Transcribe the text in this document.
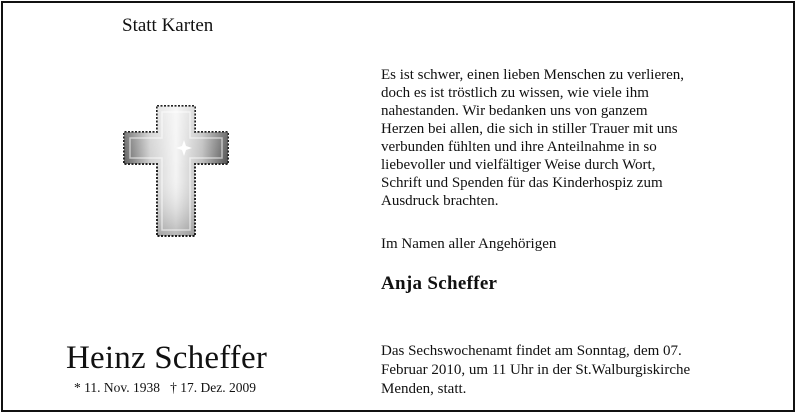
Statt Karten
Heinz Scheffer
* 11. Nov. 1938   † 17. Dez. 2009
Es ist schwer, einen lieben Menschen zu verlieren,
doch es ist tröstlich zu wissen, wie viele ihm
nahestanden. Wir bedanken uns von ganzem
Herzen bei allen, die sich in stiller Trauer mit uns
verbunden fühlten und ihre Anteilnahme in so
liebevoller und vielfältiger Weise durch Wort,
Schrift und Spenden für das Kinderhospiz zum
Ausdruck brachten.
Im Namen aller Angehörigen
Anja Scheffer
Das Sechswochenamt findet am Sonntag, dem 07.
Februar 2010, um 11 Uhr in der St.Walburgiskirche
Menden, statt.
